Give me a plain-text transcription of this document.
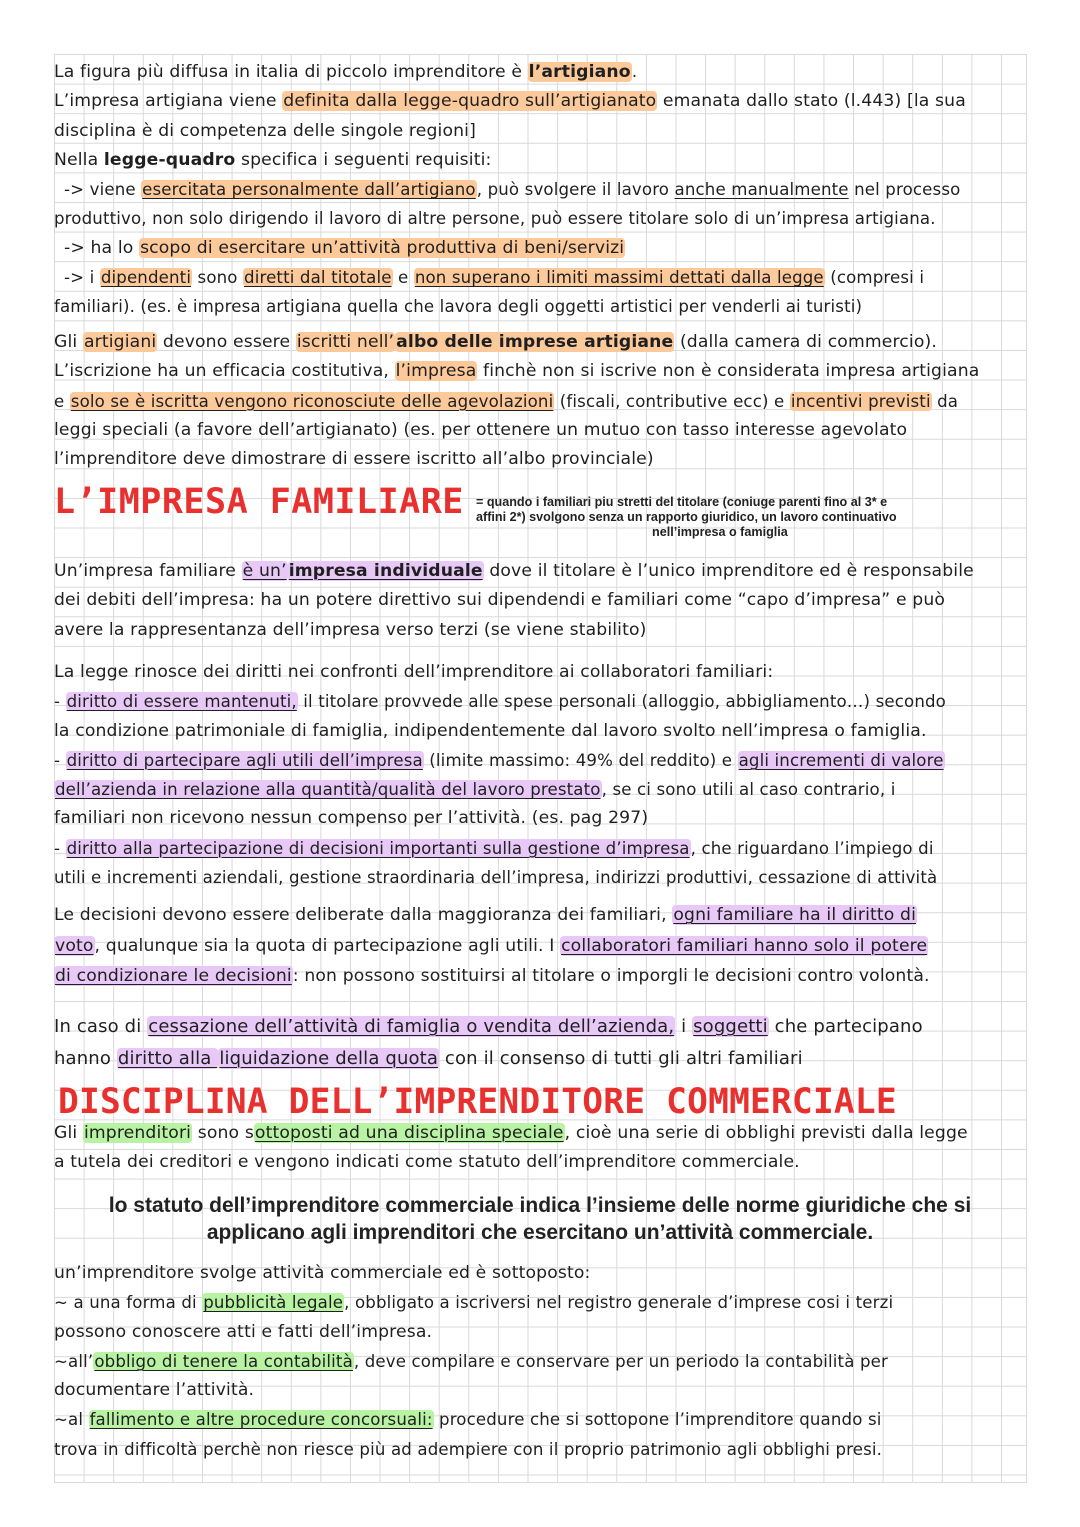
La figura più diffusa in italia di piccolo imprenditore è l’artigiano.
L’impresa artigiana viene definita dalla legge-quadro sull’artigianato emanata dallo stato (l.443) [la sua
disciplina è di competenza delle singole regioni]
Nella legge-quadro specifica i seguenti requisiti:
-> viene esercitata personalmente dall’artigiano, può svolgere il lavoro anche manualmente nel processo
produttivo, non solo dirigendo il lavoro di altre persone, può essere titolare solo di un’impresa artigiana.
-> ha lo scopo di esercitare un’attività produttiva di beni/servizi
-> i dipendenti sono diretti dal titotale e non superano i limiti massimi dettati dalla legge (compresi i
familiari). (es. è impresa artigiana quella che lavora degli oggetti artistici per venderli ai turisti)
Gli artigiani devono essere iscritti nell’ albo delle imprese artigiane (dalla camera di commercio).
L’iscrizione ha un efficacia costitutiva, l’impresa finchè non si iscrive non è considerata impresa artigiana
e solo se è iscritta vengono riconosciute delle agevolazioni (fiscali, contributive ecc) e incentivi previsti da
leggi speciali (a favore dell’artigianato) (es. per ottenere un mutuo con tasso interesse agevolato
l’imprenditore deve dimostrare di essere iscritto all’albo provinciale)
L’IMPRESA FAMILIARE = quando i familiari piu stretti del titolare (coniuge parenti fino al 3* e
affini 2*) svolgono senza un rapporto giuridico, un lavoro continuativo
nell’impresa o famiglia
Un’impresa familiare è un’ impresa individuale dove il titolare è l’unico imprenditore ed è responsabile
dei debiti dell’impresa: ha un potere direttivo sui dipendendi e familiari come “capo d’impresa” e può
avere la rappresentanza dell’impresa verso terzi (se viene stabilito)
La legge rinosce dei diritti nei confronti dell’imprenditore ai collaboratori familiari:
- diritto di essere mantenuti, il titolare provvede alle spese personali (alloggio, abbigliamento…) secondo
la condizione patrimoniale di famiglia, indipendentemente dal lavoro svolto nell’impresa o famiglia.
- diritto di partecipare agli utili dell’impresa (limite massimo: 49% del reddito) e agli incrementi di valore
dell’azienda in relazione alla quantità/qualità del lavoro prestato, se ci sono utili al caso contrario, i
familiari non ricevono nessun compenso per l’attività. (es. pag 297)
- diritto alla partecipazione di decisioni importanti sulla gestione d’impresa, che riguardano l’impiego di
utili e incrementi aziendali, gestione straordinaria dell’impresa, indirizzi produttivi, cessazione di attività
Le decisioni devono essere deliberate dalla maggioranza dei familiari, ogni familiare ha il diritto di
voto, qualunque sia la quota di partecipazione agli utili. I collaboratori familiari hanno solo il potere
di condizionare le decisioni: non possono sostituirsi al titolare o imporgli le decisioni contro volontà.
In caso di cessazione dell’attività di famiglia o vendita dell’azienda, i soggetti che partecipano
hanno diritto alla liquidazione della quota con il consenso di tutti gli altri familiari
DISCIPLINA DELL’IMPRENDITORE COMMERCIALE
Gli imprenditori sono sottoposti ad una disciplina speciale, cioè una serie di obblighi previsti dalla legge
a tutela dei creditori e vengono indicati come statuto dell’imprenditore commerciale.
lo statuto dell’imprenditore commerciale indica l’insieme delle norme giuridiche che si
applicano agli imprenditori che esercitano un’attività commerciale.
un’imprenditore svolge attività commerciale ed è sottoposto:
~ a una forma di pubblicità legale, obbligato a iscriversi nel registro generale d’imprese cosi i terzi
possono conoscere atti e fatti dell’impresa.
~all’obbligo di tenere la contabilità, deve compilare e conservare per un periodo la contabilità per
documentare l’attività.
~al fallimento e altre procedure concorsuali: procedure che si sottopone l’imprenditore quando si
trova in difficoltà perchè non riesce più ad adempiere con il proprio patrimonio agli obblighi presi.
